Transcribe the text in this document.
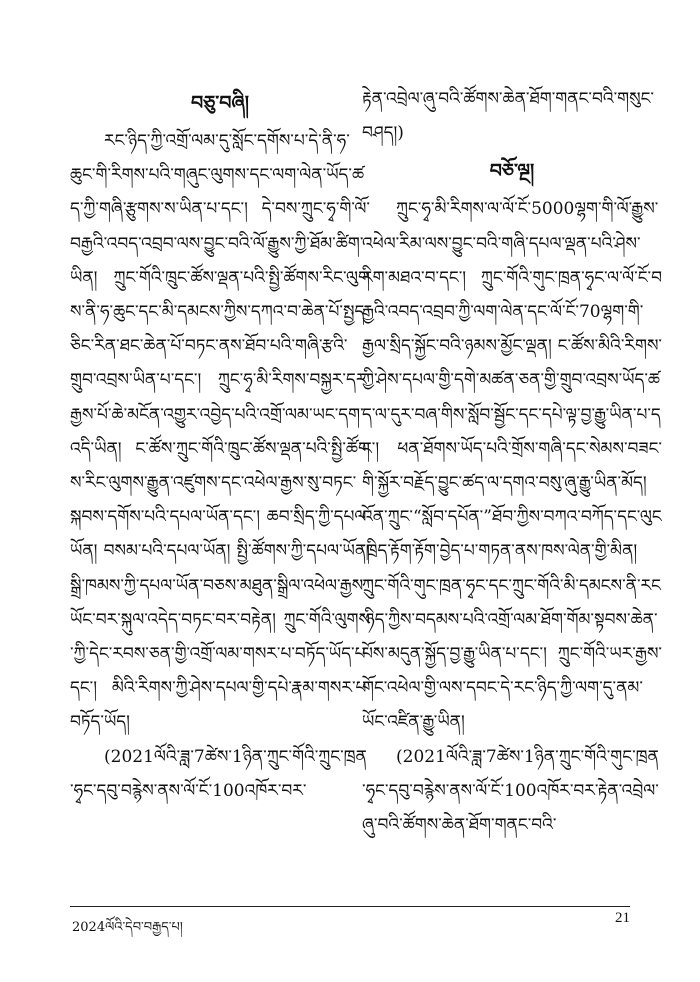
བཅུ་བཞི།

རང་ཉིད་ཀྱི་འགྲོ་ལམ་དུ་སློང་དགོས་པ་དེ་ནི་ཧ་ཆུང་གི་རིགས་པའི་གཞུང་ལུགས་དང་ལག་ལེན་ཡོད་ཚད་ཀྱི་གཞི་རྩུགས་ས་ཡིན་པ་དང་། དེ་བས་ཀྲུང་ཧྭ་གི་ལོ་བརྒྱའི་འབད་འབྲབ་ལས་བྱུང་བའི་ལོ་རྒྱུས་ཀྱི་ཐོམ་ཚིག་ཡིན། ཀྲུང་གོའི་ཁྲུང་ཚོས་ལྡན་པའི་སྤྱི་ཚོགས་རིང་ལུགས་ནི་ཧ་ཆུང་དང་མི་དམངས་ཀྱིས་དཀའ་བ་ཆེན་པོ་སྤྱད་ཅིང་རིན་ཐང་ཆེན་པོ་བཏང་ནས་ཐོབ་པའི་གཞི་རྩའི་གྲུབ་འབྲས་ཡིན་པ་དང་། ཀྲུང་ཧྭ་མི་རིགས་བསྐྱར་དར་རྒྱས་པོ་ཆེ་མངོན་འགྱུར་འབྱེད་པའི་འགྲོ་ལམ་ཡང་དག་འདི་ཡིན། ང་ཚོས་ཀྲུང་གོའི་ཁྲུང་ཚོས་ལྡན་པའི་སྤྱི་ཚོགས་རིང་ལུགས་རྒྱུན་འཛུགས་དང་འཕེལ་རྒྱས་སུ་བཏང་སྐབས་དགོས་པའི་དཔལ་ཡོན་དང་། ཆབ་སྲིད་ཀྱི་དཔལ་ཡོན། བསམ་པའི་དཔལ་ཡོན། སྤྱི་ཚོགས་ཀྱི་དཔལ་ཡོན། སྒྲི་ཁམས་ཀྱི་དཔལ་ཡོན་བཅས་མཐུན་སྒྲིལ་འཕེལ་རྒྱས་ཡོང་བར་སྐུལ་འདེད་བཏང་བར་བརྟེན། ཀྲུང་གོའི་ལུགས་ཀྱི་དེང་རབས་ཅན་གྱི་འགྲོ་ལམ་གསར་པ་བཏོད་ཡོད་པ་དང་། མིའི་རིགས་ཀྱི་ཤེས་དཔལ་གྱི་དཔེ་རྣམ་གསར་པ་བཏོད་ཡོད།

(2021ལོའི་ཟླ་7ཚེས་1ཉིན་ཀྲུང་གོའི་ཀྲུང་ཁྲན་ཧྭང་དབུ་བརྙེས་ནས་ལོ་ངོ་100འཁོར་བར་

རྟེན་འབྲེལ་ཞུ་བའི་ཚོགས་ཆེན་ཐོག་གནང་བའི་གསུང་བཤད།)

བཅོ་ལྔ།

ཀྲུང་ཧྭ་མི་རིགས་ལ་ལོ་ངོ་5000ལྷག་གི་ལོ་རྒྱུས་འཕེལ་རིམ་ལས་བྱུང་བའི་གཞི་དཔལ་ལྡན་པའི་ཤེས་རིག་མཐའ་བ་དང་། ཀྲུང་གོའི་གུང་ཁྲན་ཧྭང་ལ་ལོ་ངོ་བརྒྱའི་འབད་འབྲབ་ཀྱི་ལག་ལེན་དང་ལོ་ངོ་70ལྷག་གི་རྒྱལ་སྲིད་སྐྱོང་བའི་ཉམས་མྱོང་ལྡན། ང་ཚོས་མིའི་རིགས་ཀྱི་ཤེས་དཔལ་གྱི་དགེ་མཚན་ཅན་གྱི་གྲུབ་འབྲས་ཡོད་ཚད་ལ་དུར་བཞ་གིས་སློབ་སྦྱོང་དང་དཔེ་ལྟ་བྱ་རྒྱུ་ཡིན་པ་དང་། ཕན་ཐོགས་ཡོད་པའི་གྲོས་གཞི་དང་སེམས་བཟང་གི་སྐྱོར་བརྗོད་བྱུང་ཚད་ལ་དགའ་བསུ་ཞུ་རྒྱུ་ཡིན་མོད། འོན་ཀྲུང་“སློབ་དཔོན་”ཐོབ་ཀྱིས་བཀའ་བཀོད་དང་ལུང་ཁྲིད་རྟོག་རྟོག་བྱེད་པ་གཏན་ནས་ཁས་ལེན་གྱི་མིན། ཀྲུང་གོའི་གུང་ཁྲན་ཧྭང་དང་ཀྲུང་གོའི་མི་དམངས་ནི་རང་ཉིད་ཀྱིས་བདམས་པའི་འགྲོ་ལམ་ཐོག་གོམ་སྟབས་ཆེན་པོས་མདུན་སྐྱོད་བྱ་རྒྱུ་ཡིན་པ་དང་། ཀྲུང་གོའི་ཡར་རྒྱས་གོང་འཕེལ་གྱི་ལས་དབང་དེ་རང་ཉིད་ཀྱི་ལག་དུ་ནམ་ཡོང་འཛིན་རྒྱུ་ཡིན།

(2021ལོའི་ཟླ་7ཚེས་1ཉིན་ཀྲུང་གོའི་གུང་ཁྲན་ཧྭང་དབུ་བརྙེས་ནས་ལོ་ངོ་100འཁོར་བར་རྟེན་འབྲེལ་ཞུ་བའི་ཚོགས་ཆེན་ཐོག་གནང་བའི་

2024ལོའི་དེབ་བརྒྱད་པ།
21
